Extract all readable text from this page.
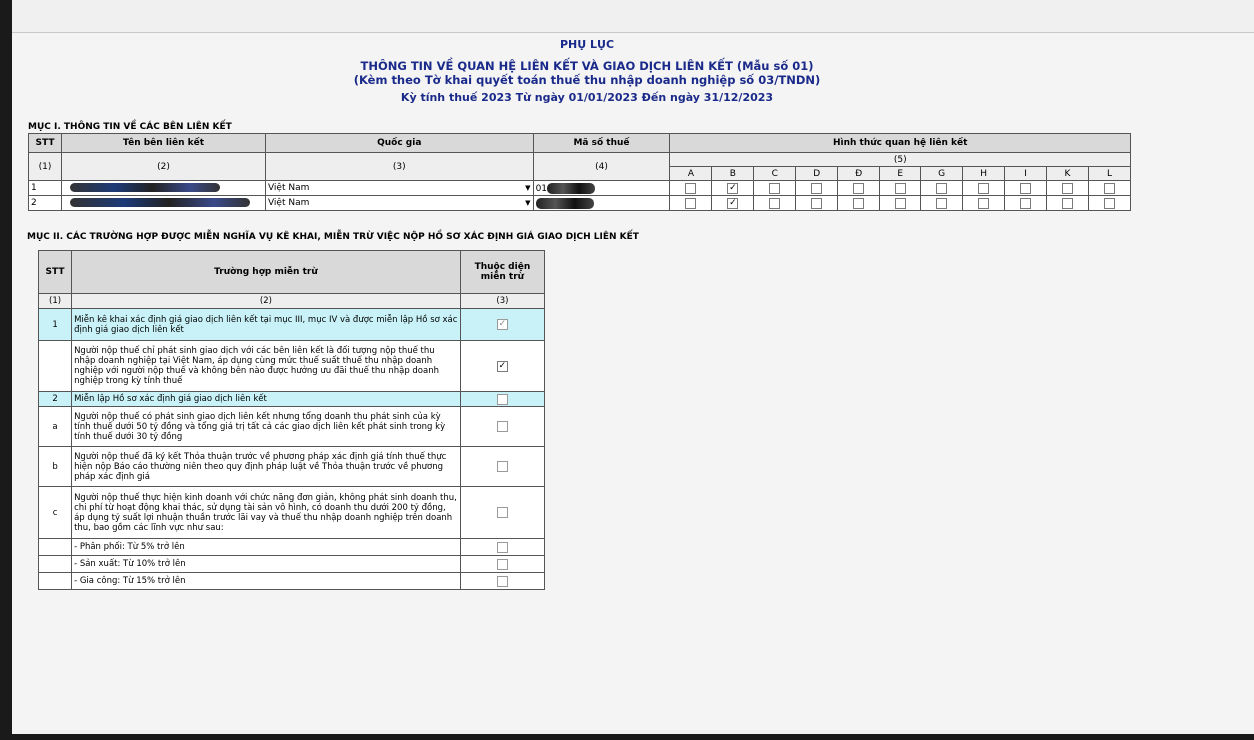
PHỤ LỤC
THÔNG TIN VỀ QUAN HỆ LIÊN KẾT VÀ GIAO DỊCH LIÊN KẾT (Mẫu số 01)
(Kèm theo Tờ khai quyết toán thuế thu nhập doanh nghiệp số 03/TNDN)
Kỳ tính thuế 2023 Từ ngày 01/01/2023 Đến ngày 31/12/2023
MỤC I. THÔNG TIN VỀ CÁC BÊN LIÊN KẾT
STT	Tên bên liên kết	Quốc gia	Mã số thuế	Hình thức quan hệ liên kết										
(1)	(2)	(3)	(4)	(5)										
				A	B	C	D	Đ	E	G	H	I	K	L
1		Việt Nam ▼	01		✓									
2		Việt Nam ▼			✓									
MỤC II. CÁC TRƯỜNG HỢP ĐƯỢC MIỄN NGHĨA VỤ KÊ KHAI, MIỄN TRỪ VIỆC NỘP HỒ SƠ XÁC ĐỊNH GIÁ GIAO DỊCH LIÊN KẾT
STT	Trường hợp miễn trừ	Thuộc diện miễn trừ
(1)	(2)	(3)
1	Miễn kê khai xác định giá giao dịch liên kết tại mục III, mục IV và được miễn lập Hồ sơ xác định giá giao dịch liên kết	✓
	Người nộp thuế chỉ phát sinh giao dịch với các bên liên kết là đối tượng nộp thuế thu nhập doanh nghiệp tại Việt Nam, áp dụng cùng mức thuế suất thuế thu nhập doanh nghiệp với người nộp thuế và không bên nào được hưởng ưu đãi thuế thu nhập doanh nghiệp trong kỳ tính thuế	✓
2	Miễn lập Hồ sơ xác định giá giao dịch liên kết	
a	Người nộp thuế có phát sinh giao dịch liên kết nhưng tổng doanh thu phát sinh của kỳ tính thuế dưới 50 tỷ đồng và tổng giá trị tất cả các giao dịch liên kết phát sinh trong kỳ tính thuế dưới 30 tỷ đồng	
b	Người nộp thuế đã ký kết Thỏa thuận trước về phương pháp xác định giá tính thuế thực hiện nộp Báo cáo thường niên theo quy định pháp luật về Thỏa thuận trước về phương pháp xác định giá	
c	Người nộp thuế thực hiện kinh doanh với chức năng đơn giản, không phát sinh doanh thu, chi phí từ hoạt động khai thác, sử dụng tài sản vô hình, có doanh thu dưới 200 tỷ đồng, áp dụng tỷ suất lợi nhuận thuần trước lãi vay và thuế thu nhập doanh nghiệp trên doanh thu, bao gồm các lĩnh vực như sau:	
	- Phân phối: Từ 5% trở lên	
	- Sản xuất: Từ 10% trở lên	
	- Gia công: Từ 15% trở lên	
